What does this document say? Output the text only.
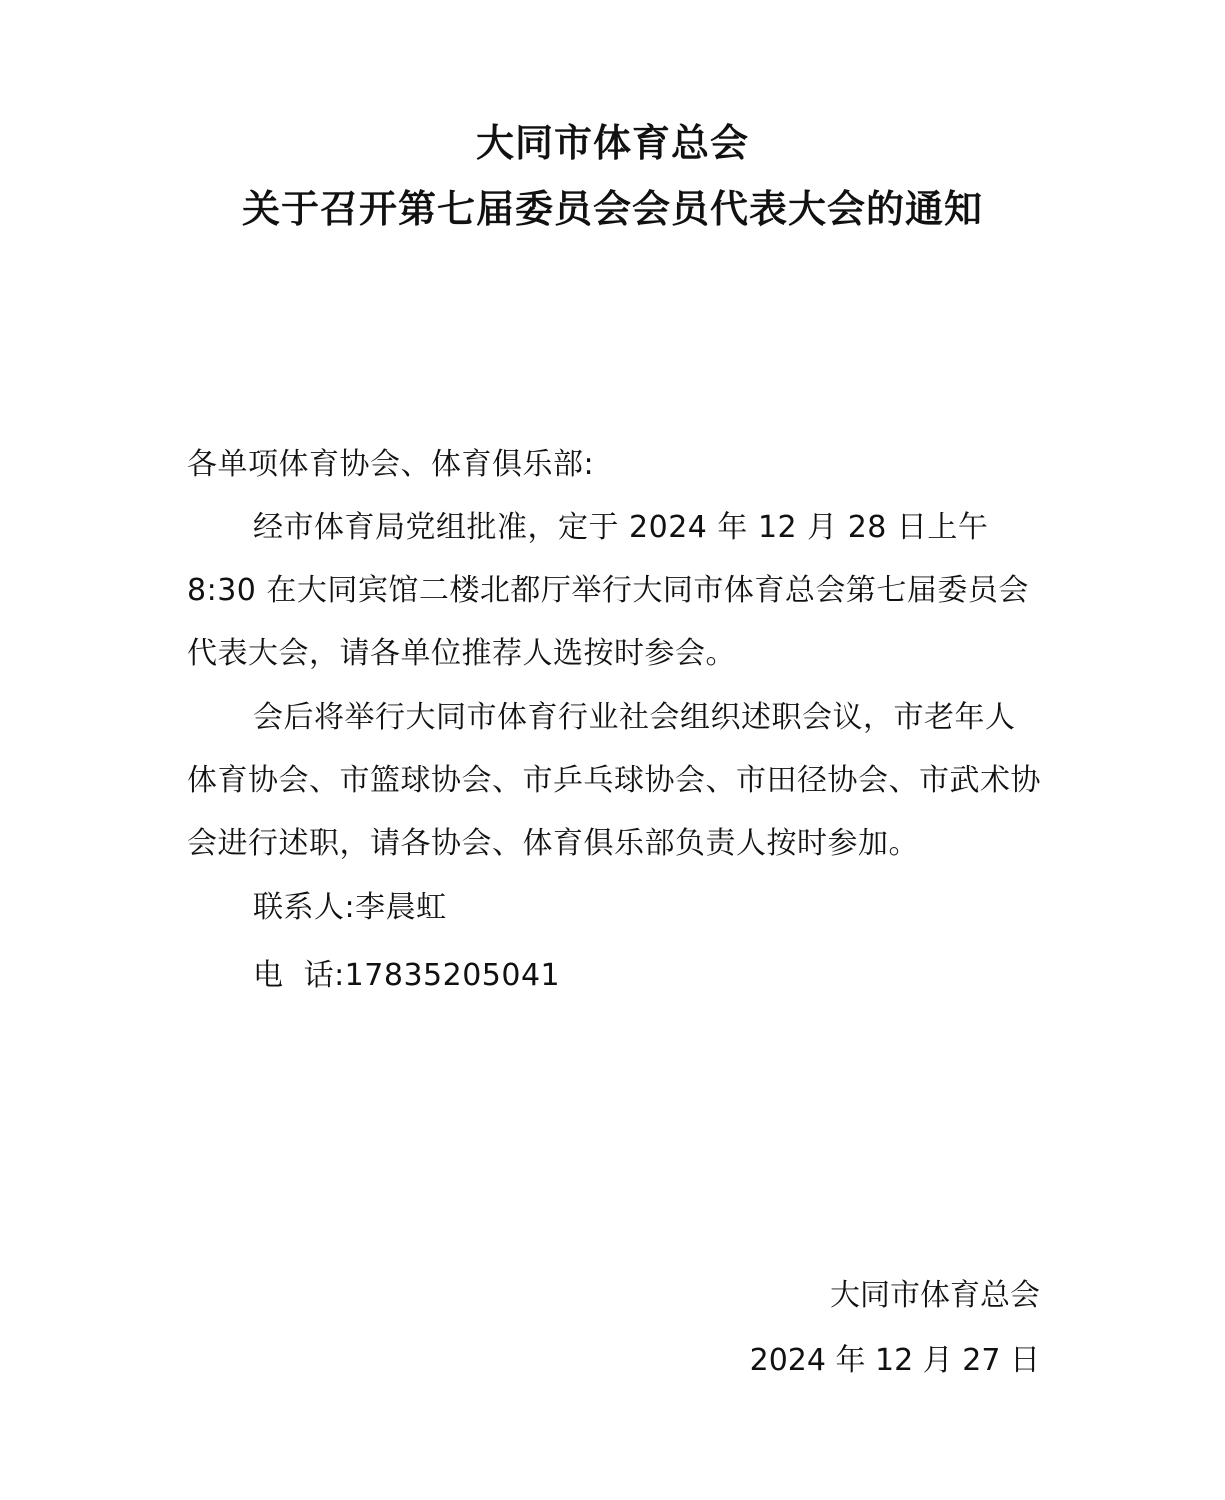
大同市体育总会
关于召开第七届委员会会员代表大会的通知
各单项体育协会、体育俱乐部:
经市体育局党组批准，定于 2024 年 12 月 28 日上午 8:30 在大同宾馆二楼北都厅举行大同市体育总会第七届委员会代表大会，请各单位推荐人选按时参会。
会后将举行大同市体育行业社会组织述职会议，市老年人体育协会、市篮球协会、市乒乓球协会、市田径协会、市武术协会进行述职，请各协会、体育俱乐部负责人按时参加。
联系人:李晨虹
电  话:17835205041
大同市体育总会
2024 年 12 月 27 日
